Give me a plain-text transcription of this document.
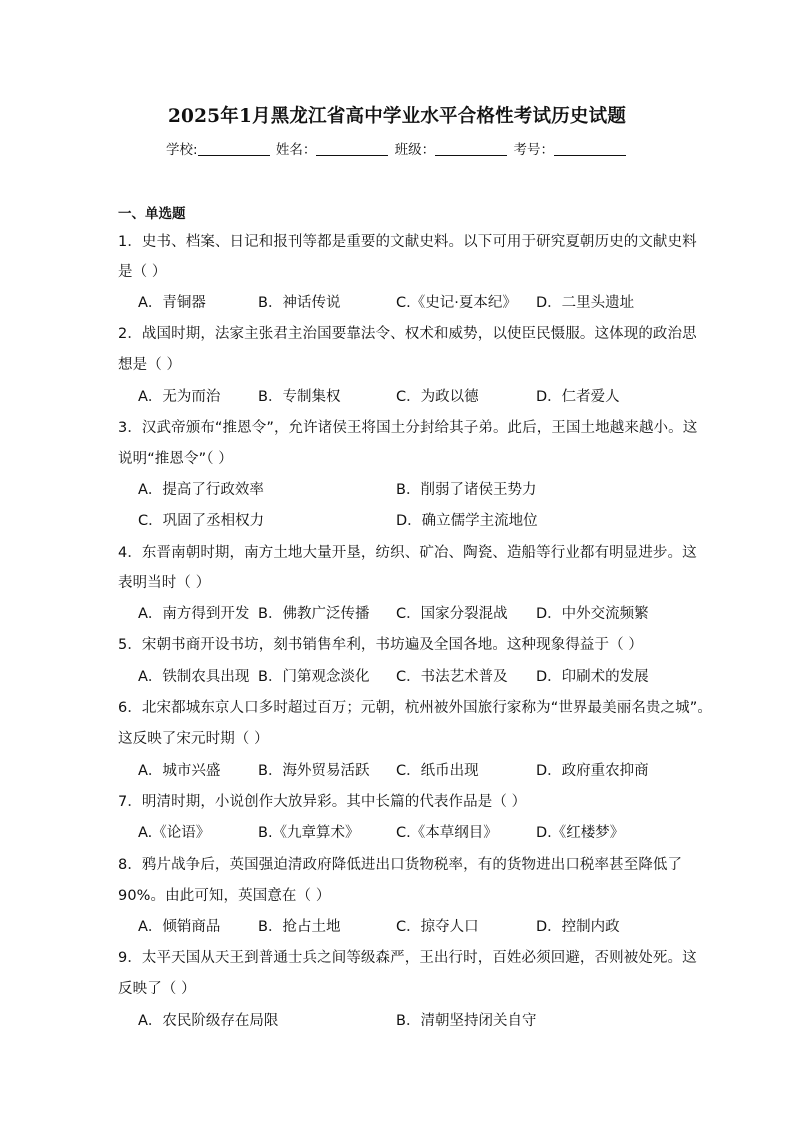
2025年1月黑龙江省高中学业水平合格性考试历史试题
学校:	姓名：	班级：	考号：
一、单选题
1．史书、档案、日记和报刊等都是重要的文献史料。以下可用于研究夏朝历史的文献史料
是（ ）
A．青铜器	B．神话传说	C.《史记·夏本纪》 D．二里头遗址
2．战国时期，法家主张君主治国要靠法令、权术和威势，以使臣民慑服。这体现的政治思
想是（ ）
A．无为而治	B．专制集权	C．为政以德	D．仁者爱人
3．汉武帝颁布“推恩令”，允许诸侯王将国土分封给其子弟。此后，王国土地越来越小。这
说明“推恩令”（ ）
A．提高了行政效率	B．削弱了诸侯王势力
C．巩固了丞相权力	D．确立儒学主流地位
4．东晋南朝时期，南方土地大量开垦，纺织、矿冶、陶瓷、造船等行业都有明显进步。这
表明当时（ ）
A．南方得到开发 B．佛教广泛传播 C．国家分裂混战 D．中外交流频繁
5．宋朝书商开设书坊，刻书销售牟利，书坊遍及全国各地。这种现象得益于（ ）
A．铁制农具出现 B．门第观念淡化 C．书法艺术普及 D．印刷术的发展
6．北宋都城东京人口多时超过百万；元朝，杭州被外国旅行家称为“世界最美丽名贵之城”。
这反映了宋元时期（ ）
A．城市兴盛	B．海外贸易活跃 C．纸币出现	D．政府重农抑商
7．明清时期，小说创作大放异彩。其中长篇的代表作品是（ ）
A.《论语》	B.《九章算术》	C.《本草纲目》	D.《红楼梦》
8．鸦片战争后，英国强迫清政府降低进出口货物税率，有的货物进出口税率甚至降低了
90%。由此可知，英国意在（ ）
A．倾销商品	B．抢占土地	C．掠夺人口	D．控制内政
9．太平天国从天王到普通士兵之间等级森严，王出行时，百姓必须回避，否则被处死。这
反映了（ ）
A．农民阶级存在局限	B．清朝坚持闭关自守
